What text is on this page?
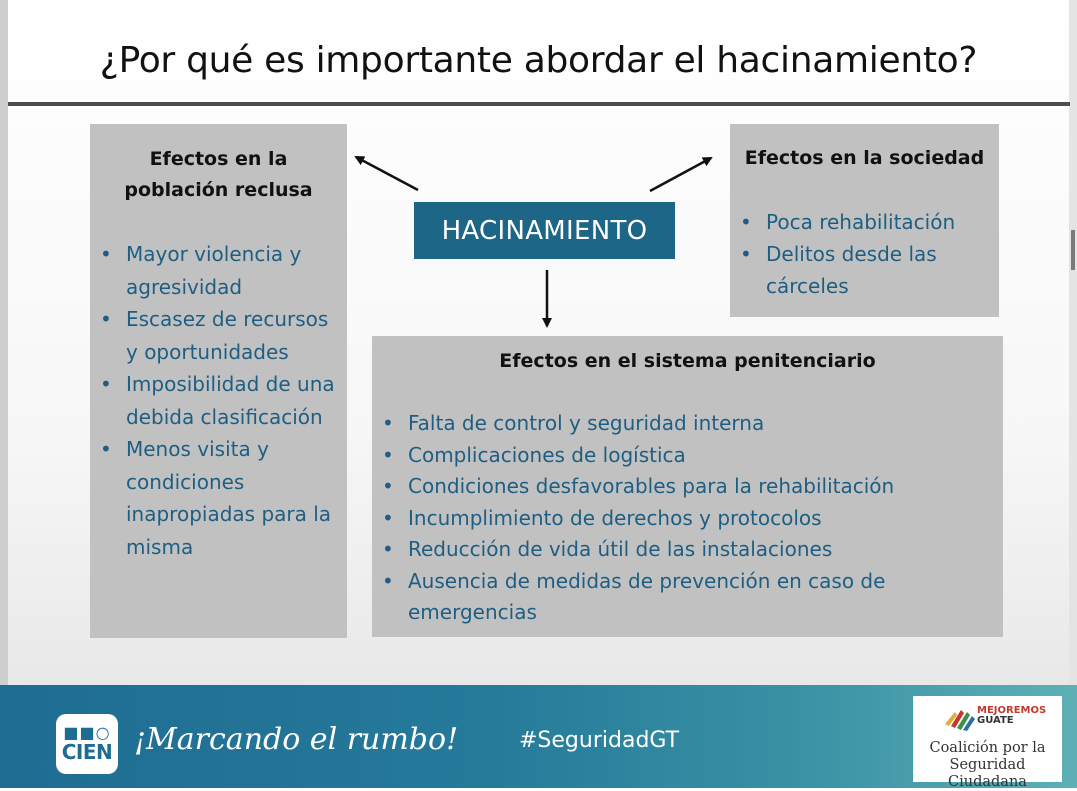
¿Por qué es importante abordar el hacinamiento?
Efectos en la población reclusa
• Mayor violencia y agresividad
• Escasez de recursos y oportunidades
• Imposibilidad de una debida clasificación
• Menos visita y condiciones inapropiadas para la misma
Efectos en la sociedad
• Poca rehabilitación
• Delitos desde las cárceles
Efectos en el sistema penitenciario
• Falta de control y seguridad interna
• Complicaciones de logística
• Condiciones desfavorables para la rehabilitación
• Incumplimiento de derechos y protocolos
• Reducción de vida útil de las instalaciones
• Ausencia de medidas de prevención en caso de emergencias
HACINAMIENTO
■■○
CIEN ¡Marcando el rumbo!	#SeguridadGT
MEJOREMOS
GUATE
Coalición por la Seguridad Ciudadana
